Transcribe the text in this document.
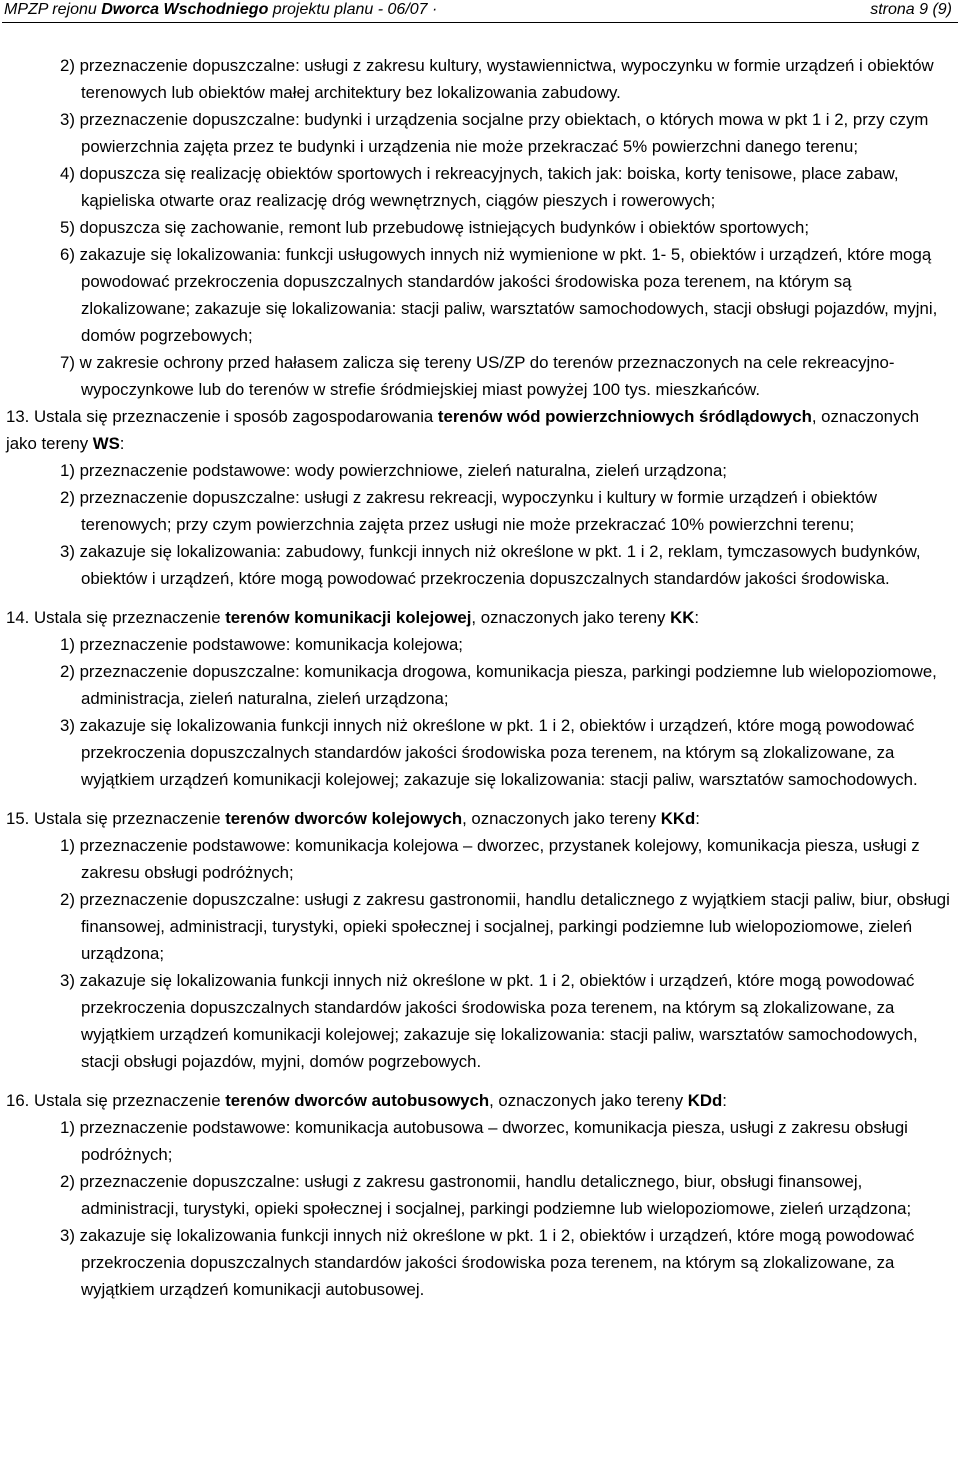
MPZP rejonu Dworca Wschodniego projektu planu - 06/07 ·	strona 9 (9)

2) przeznaczenie dopuszczalne: usługi z zakresu kultury, wystawiennictwa, wypoczynku w formie urządzeń i obiektów terenowych lub obiektów małej architektury bez lokalizowania zabudowy.

3) przeznaczenie dopuszczalne: budynki i urządzenia socjalne przy obiektach, o których mowa w pkt 1 i 2, przy czym powierzchnia zajęta przez te budynki i urządzenia nie może przekraczać 5% powierzchni danego terenu;

4) dopuszcza się realizację obiektów sportowych i rekreacyjnych, takich jak: boiska, korty tenisowe, place zabaw, kąpieliska otwarte oraz realizację dróg wewnętrznych, ciągów pieszych i rowerowych;

5) dopuszcza się zachowanie, remont lub przebudowę istniejących budynków i obiektów sportowych;

6) zakazuje się lokalizowania: funkcji usługowych innych niż wymienione w pkt. 1- 5, obiektów i urządzeń, które mogą powodować przekroczenia dopuszczalnych standardów jakości środowiska poza terenem, na którym są zlokalizowane; zakazuje się lokalizowania: stacji paliw, warsztatów samochodowych, stacji obsługi pojazdów, myjni, domów pogrzebowych;

7) w zakresie ochrony przed hałasem zalicza się tereny US/ZP do terenów przeznaczonych na cele rekreacyjno-wypoczynkowe lub do terenów w strefie śródmiejskiej miast powyżej 100 tys. mieszkańców.

13. Ustala się przeznaczenie i sposób zagospodarowania terenów wód powierzchniowych śródlądowych, oznaczonych jako tereny WS:

1) przeznaczenie podstawowe: wody powierzchniowe, zieleń naturalna, zieleń urządzona;

2) przeznaczenie dopuszczalne: usługi z zakresu rekreacji, wypoczynku i kultury w formie urządzeń i obiektów terenowych; przy czym powierzchnia zajęta przez usługi nie może przekraczać 10% powierzchni terenu;

3) zakazuje się lokalizowania: zabudowy, funkcji innych niż określone w pkt. 1 i 2, reklam, tymczasowych budynków, obiektów i urządzeń, które mogą powodować przekroczenia dopuszczalnych standardów jakości środowiska.

14. Ustala się przeznaczenie terenów komunikacji kolejowej, oznaczonych jako tereny KK:

1) przeznaczenie podstawowe: komunikacja kolejowa;

2) przeznaczenie dopuszczalne: komunikacja drogowa, komunikacja piesza, parkingi podziemne lub wielopoziomowe, administracja, zieleń naturalna, zieleń urządzona;

3) zakazuje się lokalizowania funkcji innych niż określone w pkt. 1 i 2, obiektów i urządzeń, które mogą powodować przekroczenia dopuszczalnych standardów jakości środowiska poza terenem, na którym są zlokalizowane, za wyjątkiem urządzeń komunikacji kolejowej; zakazuje się lokalizowania: stacji paliw, warsztatów samochodowych.

15. Ustala się przeznaczenie terenów dworców kolejowych, oznaczonych jako tereny KKd:

1) przeznaczenie podstawowe: komunikacja kolejowa – dworzec, przystanek kolejowy, komunikacja piesza, usługi z zakresu obsługi podróżnych;

2) przeznaczenie dopuszczalne: usługi z zakresu gastronomii, handlu detalicznego z wyjątkiem stacji paliw, biur, obsługi finansowej, administracji, turystyki, opieki społecznej i socjalnej, parkingi podziemne lub wielopoziomowe, zieleń urządzona;

3) zakazuje się lokalizowania funkcji innych niż określone w pkt. 1 i 2, obiektów i urządzeń, które mogą powodować przekroczenia dopuszczalnych standardów jakości środowiska poza terenem, na którym są zlokalizowane, za wyjątkiem urządzeń komunikacji kolejowej; zakazuje się lokalizowania: stacji paliw, warsztatów samochodowych, stacji obsługi pojazdów, myjni, domów pogrzebowych.

16. Ustala się przeznaczenie terenów dworców autobusowych, oznaczonych jako tereny KDd:

1) przeznaczenie podstawowe: komunikacja autobusowa – dworzec, komunikacja piesza, usługi z zakresu obsługi podróżnych;

2) przeznaczenie dopuszczalne: usługi z zakresu gastronomii, handlu detalicznego, biur, obsługi finansowej, administracji, turystyki, opieki społecznej i socjalnej, parkingi podziemne lub wielopoziomowe, zieleń urządzona;

3) zakazuje się lokalizowania funkcji innych niż określone w pkt. 1 i 2, obiektów i urządzeń, które mogą powodować przekroczenia dopuszczalnych standardów jakości środowiska poza terenem, na którym są zlokalizowane, za wyjątkiem urządzeń komunikacji autobusowej.
